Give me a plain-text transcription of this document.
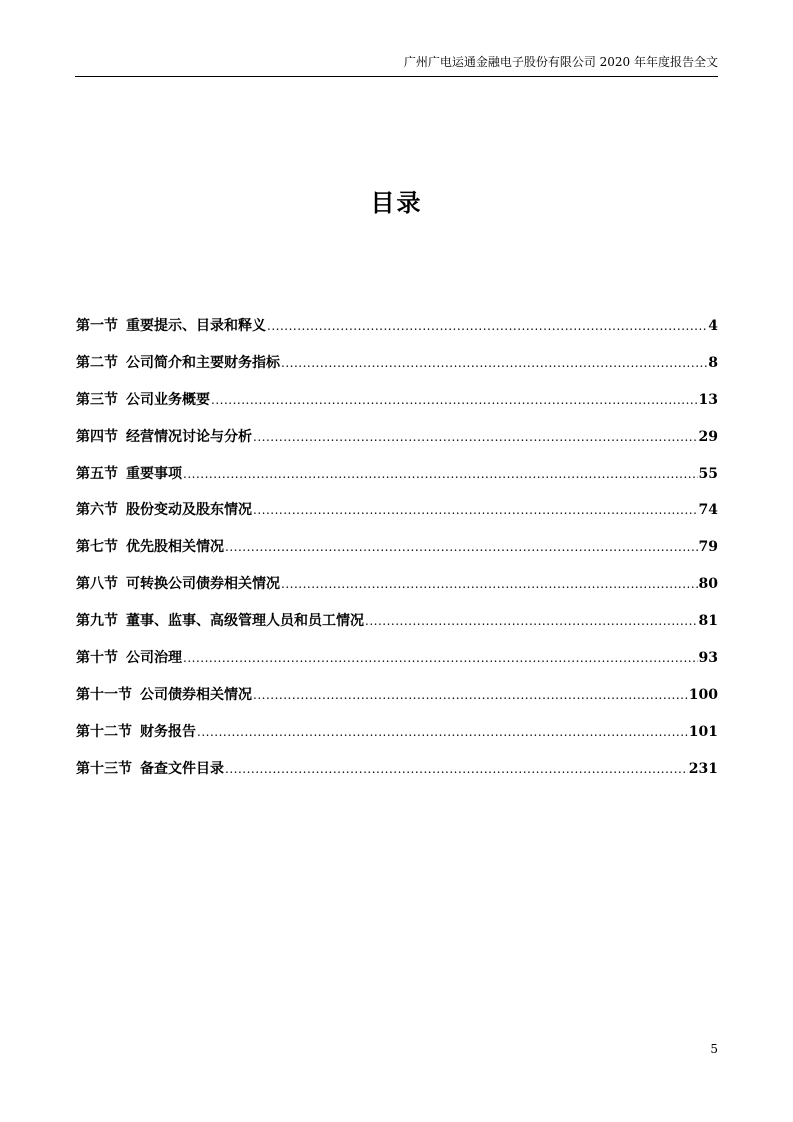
广州广电运通金融电子股份有限公司 2020 年年度报告全文
目录
第一节 重要提示、目录和释义 .....	4
第二节 公司简介和主要财务指标 .....	8
第三节 公司业务概要 .....	13
第四节 经营情况讨论与分析 .....	29
第五节 重要事项 .....	55
第六节 股份变动及股东情况 .....	74
第七节 优先股相关情况 .....	79
第八节 可转换公司债券相关情况 .....	80
第九节 董事、监事、高级管理人员和员工情况 .....	81
第十节 公司治理 .....	93
第十一节 公司债券相关情况 .....	100
第十二节 财务报告 .....	101
第十三节 备查文件目录 .....	231
5
